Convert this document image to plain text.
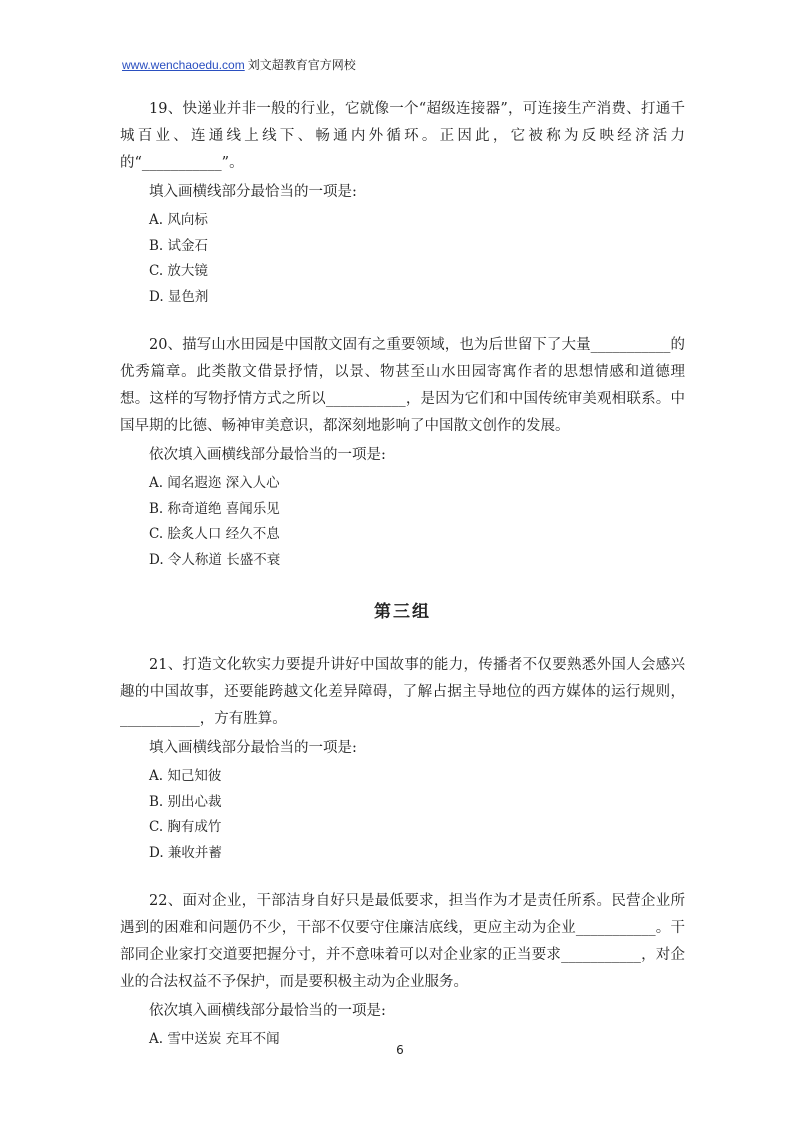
www.wenchaoedu.com 刘文超教育官方网校

19、快递业并非一般的行业，它就像一个“超级连接器”，可连接生产消费、打通千城百业、连通线上线下、畅通内外循环。正因此，它被称为反映经济活力的“___________”。

填入画横线部分最恰当的一项是:
A. 风向标
B. 试金石
C. 放大镜
D. 显色剂

20、描写山水田园是中国散文固有之重要领域，也为后世留下了大量___________的优秀篇章。此类散文借景抒情，以景、物甚至山水田园寄寓作者的思想情感和道德理想。这样的写物抒情方式之所以___________，是因为它们和中国传统审美观相联系。中国早期的比德、畅神审美意识，都深刻地影响了中国散文创作的发展。

依次填入画横线部分最恰当的一项是:
A. 闻名遐迩 深入人心
B. 称奇道绝 喜闻乐见
C. 脍炙人口 经久不息
D. 令人称道 长盛不衰
第三组

21、打造文化软实力要提升讲好中国故事的能力，传播者不仅要熟悉外国人会感兴趣的中国故事，还要能跨越文化差异障碍，了解占据主导地位的西方媒体的运行规则，___________，方有胜算。

填入画横线部分最恰当的一项是:
A. 知己知彼
B. 别出心裁
C. 胸有成竹
D. 兼收并蓄

22、面对企业，干部洁身自好只是最低要求，担当作为才是责任所系。民营企业所遇到的困难和问题仍不少，干部不仅要守住廉洁底线，更应主动为企业___________。干部同企业家打交道要把握分寸，并不意味着可以对企业家的正当要求___________，对企业的合法权益不予保护，而是要积极主动为企业服务。

依次填入画横线部分最恰当的一项是:
A. 雪中送炭 充耳不闻
6
